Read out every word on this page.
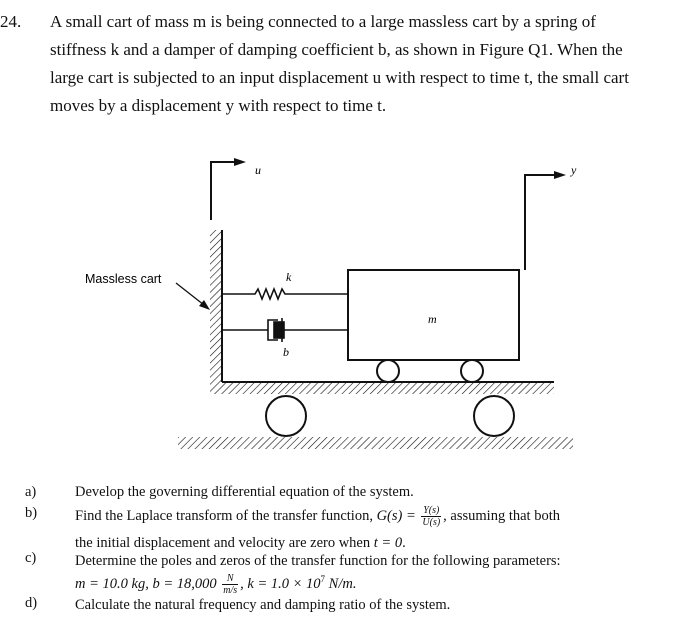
24. A small cart of mass m is being connected to a large massless cart by a spring of
stiffness k and a damper of damping coefficient b, as shown in Figure Q1. When the
large cart is subjected to an input displacement u with respect to time t, the small cart
moves by a displacement y with respect to time t.
u	y
m
k
b
Massless cart
a)	Develop the governing differential equation of the system.
b)	Find the Laplace transform of the transfer function, $G(s) = \frac{Y(s)}{U(s)}$ , assuming that both
the initial displacement and velocity are zero when t = 0.
c)	Determine the poles and zeros of the transfer function for the following parameters:
m = 10.0 kg, $b = 18,000 \frac{N}{m/s}$ , $k = 1.0 \times 10^7$ N/m.
d)	Calculate the natural frequency and damping ratio of the system.
